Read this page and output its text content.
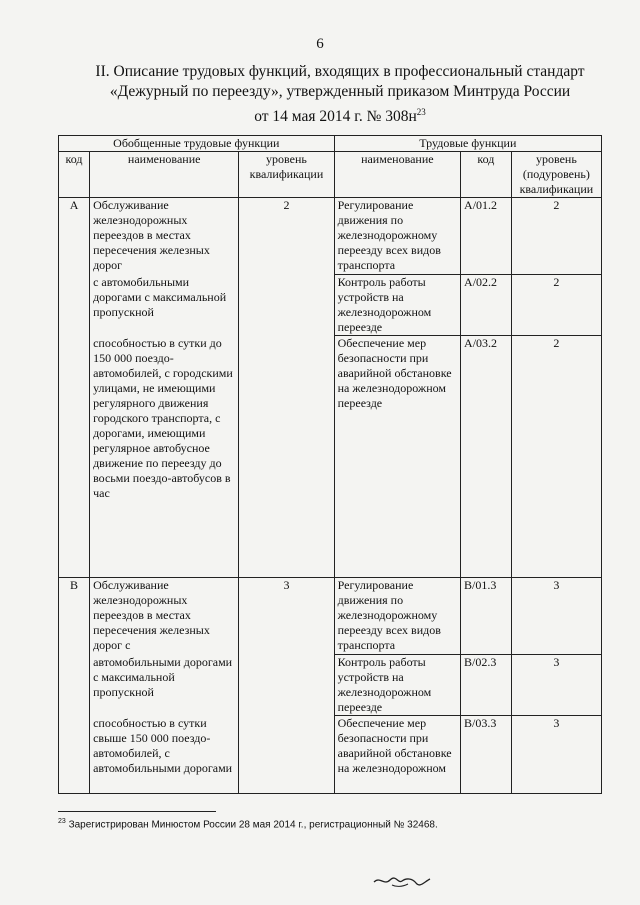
6
II. Описание трудовых функций, входящих в профессиональный стандарт
«Дежурный по переезду», утвержденный приказом Минтруда России
от 14 мая 2014 г. № $308н^{23}$
Обобщенные трудовые функции			Трудовые функции		
код	наименование	уровень квалификации	наименование	код	уровень (подуровень) квалификации
А	Обслуживание железнодорожных переездов в местах пересечения железных дорог	2	Регулирование движения по железнодорожному переезду всех видов транспорта	А/01.2	2
	с автомобильными дорогами с максимальной пропускной		Контроль работы устройств на железнодорожном переезде	А/02.2	2
	способностью в сутки до 150 000 поездо-автомобилей, с городскими улицами, не имеющими регулярного движения городского транспорта, с дорогами, имеющими регулярное автобусное движение по переезду до восьми поездо-автобусов в час		Обеспечение мер безопасности при аварийной обстановке на железнодорожном переезде	А/03.2	2
В	Обслуживание железнодорожных переездов в местах пересечения железных дорог с	3	Регулирование движения по железнодорожному переезду всех видов транспорта	В/01.3	3
	автомобильными дорогами с максимальной пропускной		Контроль работы устройств на железнодорожном переезде	В/02.3	3
	способностью в сутки свыше 150 000 поездо-автомобилей, с автомобильными дорогами		Обеспечение мер безопасности при аварийной обстановке на железнодорожном	В/03.3	3
$^{23}$ Зарегистрирован Минюстом России 28 мая 2014 г., регистрационный № 32468.
